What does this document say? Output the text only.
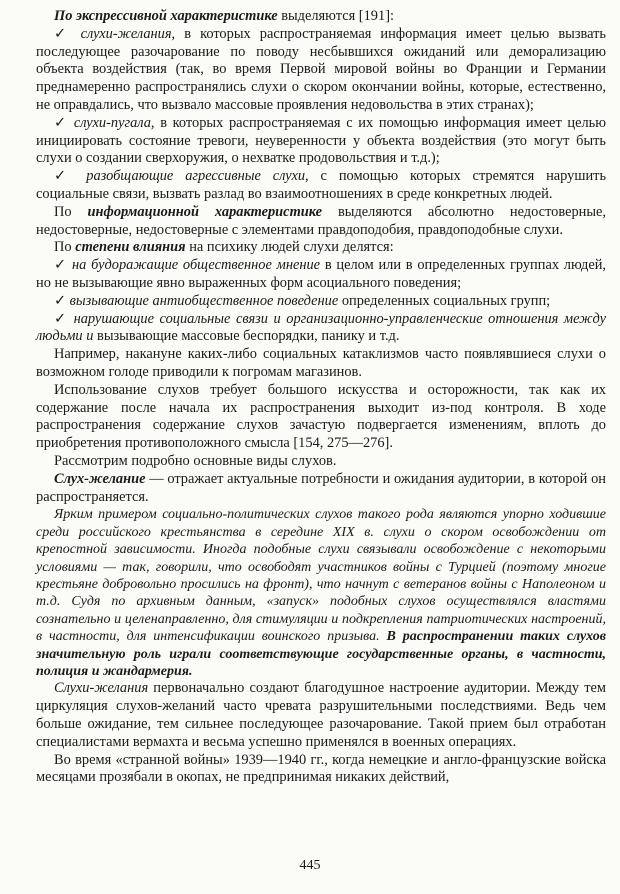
По экспрессивной характеристике выделяются [191]:

✓ слухи-желания, в которых распространяемая информация имеет целью вызвать последующее разочарование по поводу несбывшихся ожиданий или деморализацию объекта воздействия (так, во время Первой мировой войны во Франции и Германии преднамеренно распространялись слухи о скором окончании войны, которые, естественно, не оправдались, что вызвало массовые проявления недовольства в этих странах);

✓ слухи-пугала, в которых распространяемая с их помощью информация имеет целью инициировать состояние тревоги, неуверенности у объекта воздействия (это могут быть слухи о создании сверхоружия, о нехватке продовольствия и т.д.);

✓ разобщающие агрессивные слухи, с помощью которых стремятся нарушить социальные связи, вызвать разлад во взаимоотношениях в среде конкретных людей.

По информационной характеристике выделяются абсолютно недостоверные, недостоверные, недостоверные с элементами правдоподобия, правдоподобные слухи.

По степени влияния на психику людей слухи делятся:

✓ на будоражащие общественное мнение в целом или в определенных группах людей, но не вызывающие явно выраженных форм асоциального поведения;

✓ вызывающие антиобщественное поведение определенных социальных групп;

✓ нарушающие социальные связи и организационно-управленческие отношения между людьми и вызывающие массовые беспорядки, панику и т.д.

Например, накануне каких-либо социальных катаклизмов часто появлявшиеся слухи о возможном голоде приводили к погромам магазинов.

Использование слухов требует большого искусства и осторожности, так как их содержание после начала их распространения выходит из-под контроля. В ходе распространения содержание слухов зачастую подвергается изменениям, вплоть до приобретения противоположного смысла [154, 275—276].

Рассмотрим подробно основные виды слухов.

Слух-желание — отражает актуальные потребности и ожидания аудитории, в которой он распространяется.

Ярким примером социально-политических слухов такого рода являются упорно ходившие среди российского крестьянства в середине XIX в. слухи о скором освобождении от крепостной зависимости. Иногда подобные слухи связывали освобождение с некоторыми условиями — так, говорили, что освободят участников войны с Турцией (поэтому многие крестьяне добровольно просились на фронт), что начнут с ветеранов войны с Наполеоном и т.д. Судя по архивным данным, «запуск» подобных слухов осуществлялся властями сознательно и целенаправленно, для стимуляции и подкрепления патриотических настроений, в частности, для интенсификации воинского призыва. В распространении таких слухов значительную роль играли соответствующие государственные органы, в частности, полиция и жандармерия.

Слухи-желания первоначально создают благодушное настроение аудитории. Между тем циркуляция слухов-желаний часто чревата разрушительными последствиями. Ведь чем больше ожидание, тем сильнее последующее разочарование. Такой прием был отработан специалистами вермахта и весьма успешно применялся в военных операциях.

Во время «странной войны» 1939—1940 гг., когда немецкие и англо-французские войска месяцами прозябали в окопах, не предпринимая никаких действий,

445
